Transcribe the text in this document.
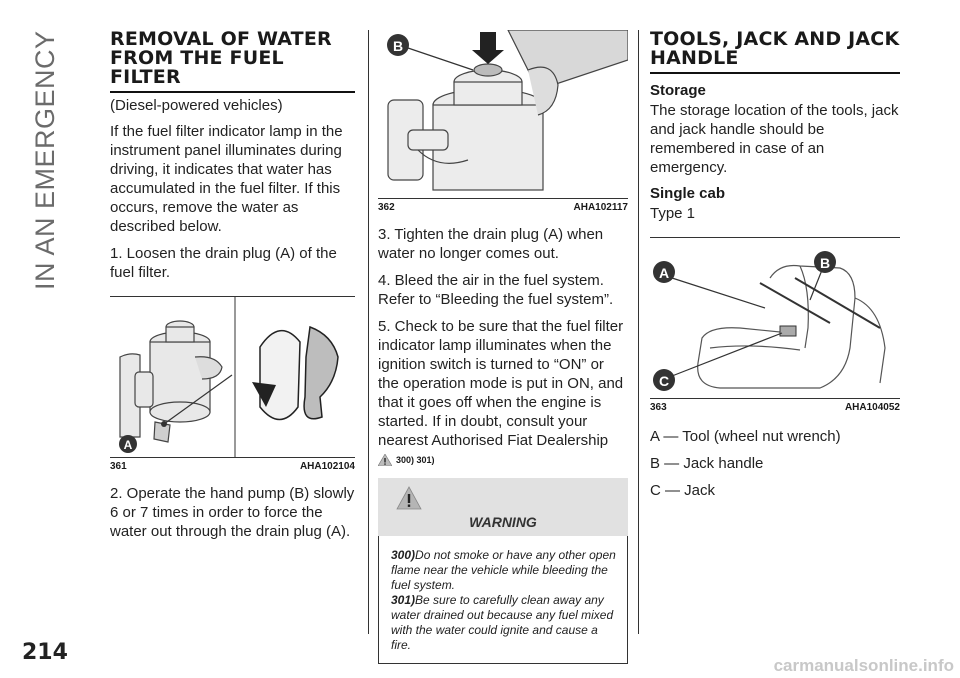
IN AN EMERGENCY
214
carmanualsonline.info
REMOVAL OF WATER FROM THE FUEL FILTER
(Diesel-powered vehicles)

If the fuel filter indicator lamp in the instrument panel illuminates during driving, it indicates that water has accumulated in the fuel filter. If this occurs, remove the water as described below.

1. Loosen the drain plug (A) of the fuel filter.

A
361	AHA102104

2. Operate the hand pump (B) slowly 6 or 7 times in order to force the water out through the drain plug (A).

B
362	AHA102117

3. Tighten the drain plug (A) when water no longer comes out.

4. Bleed the air in the fuel system. Refer to “Bleeding the fuel system”.

5. Check to be sure that the fuel filter indicator lamp illuminates when the ignition switch is turned to “ON” or the operation mode is put in ON, and that it goes off when the engine is started. If in doubt, consult your nearest Authorised Fiat Dealership

300) 301)
WARNING
300)Do not smoke or have any other open flame near the vehicle while bleeding the fuel system.
301)Be sure to carefully clean away any water drained out because any fuel mixed with the water could ignite and cause a fire.
TOOLS, JACK AND JACK HANDLE
Storage

The storage location of the tools, jack and jack handle should be remembered in case of an emergency.

Single cab

Type 1

A
B
C
363	AHA104052

A — Tool (wheel nut wrench)

B — Jack handle

C — Jack
